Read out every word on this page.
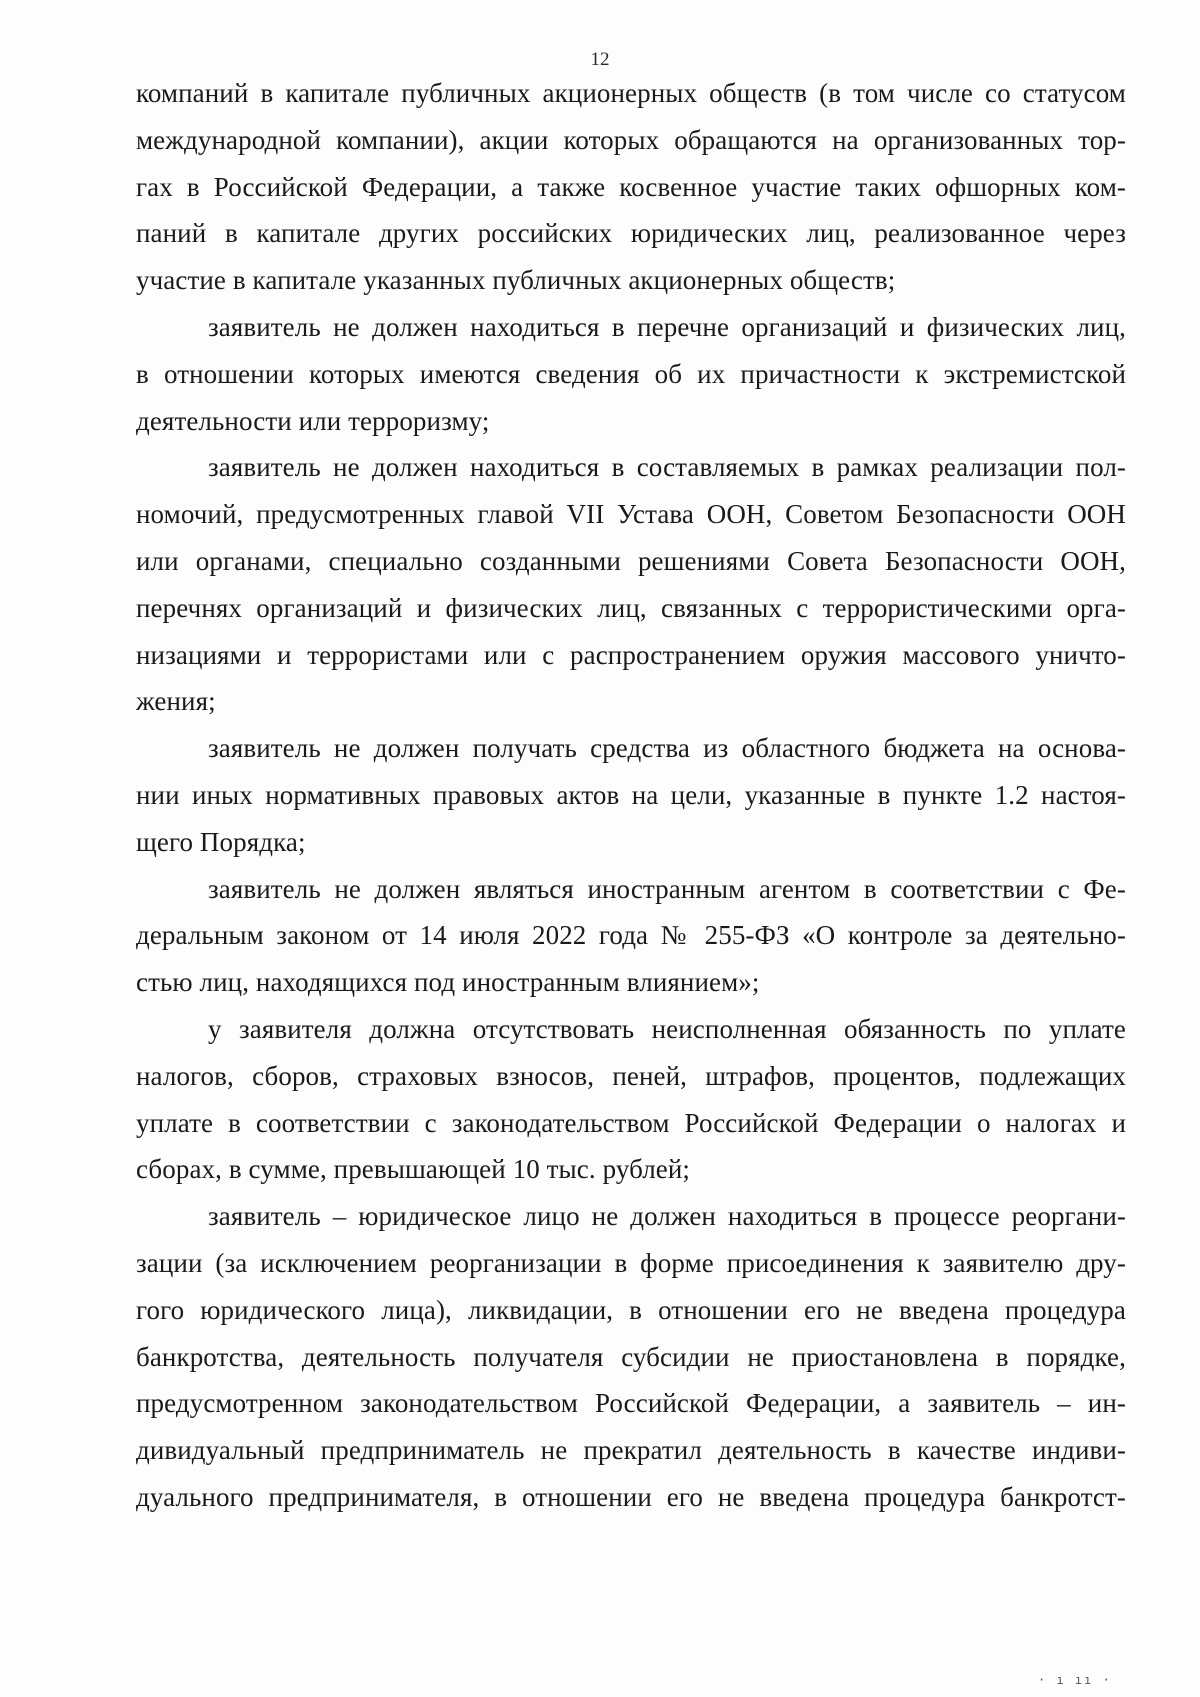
12
компаний в капитале публичных акционерных обществ (в том числе со статусом
международной компании), акции которых обращаются на организованных тор-
гах в Российской Федерации, а также косвенное участие таких офшорных ком-
паний в капитале других российских юридических лиц, реализованное через
участие в капитале указанных публичных акционерных обществ;
заявитель не должен находиться в перечне организаций и физических лиц,
в отношении которых имеются сведения об их причастности к экстремистской
деятельности или терроризму;
заявитель не должен находиться в составляемых в рамках реализации пол-
номочий, предусмотренных главой VII Устава ООН, Советом Безопасности ООН
или органами, специально созданными решениями Совета Безопасности ООН,
перечнях организаций и физических лиц, связанных с террористическими орга-
низациями и террористами или с распространением оружия массового уничто-
жения;
заявитель не должен получать средства из областного бюджета на основа-
нии иных нормативных правовых актов на цели, указанные в пункте 1.2 настоя-
щего Порядка;
заявитель не должен являться иностранным агентом в соответствии с Фе-
деральным законом от 14 июля 2022 года № 255-ФЗ «О контроле за деятельно-
стью лиц, находящихся под иностранным влиянием»;
у заявителя должна отсутствовать неисполненная обязанность по уплате
налогов, сборов, страховых взносов, пеней, штрафов, процентов, подлежащих
уплате в соответствии с законодательством Российской Федерации о налогах и
сборах, в сумме, превышающей 10 тыс. рублей;
заявитель – юридическое лицо не должен находиться в процессе реоргани-
зации (за исключением реорганизации в форме присоединения к заявителю дру-
гого юридического лица), ликвидации, в отношении его не введена процедура
банкротства, деятельность получателя субсидии не приостановлена в порядке,
предусмотренном законодательством Российской Федерации, а заявитель – ин-
дивидуальный предприниматель не прекратил деятельность в качестве индиви-
дуального предпринимателя, в отношении его не введена процедура банкротст-
· ı ıı ·
